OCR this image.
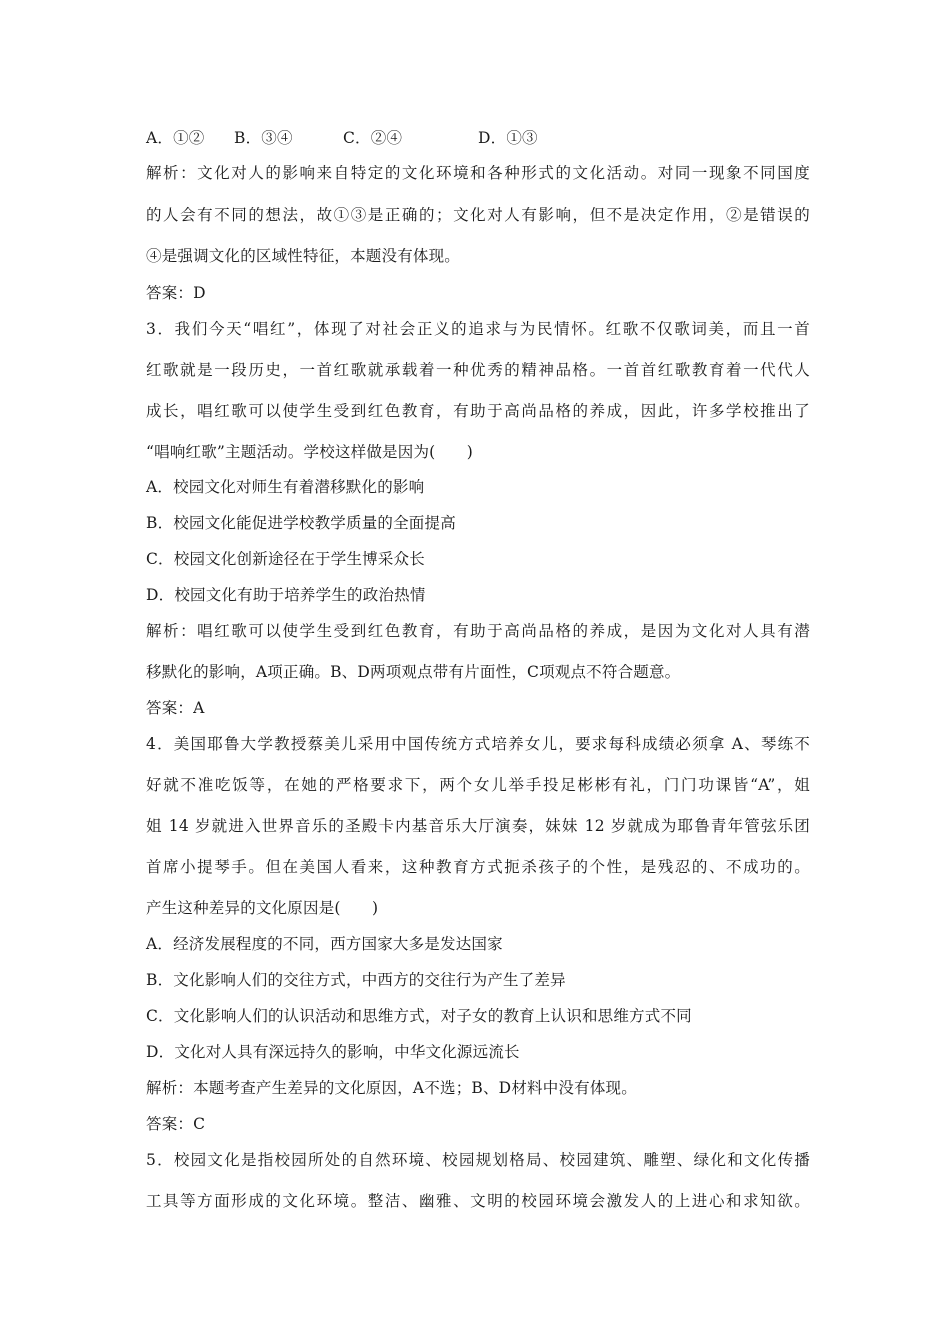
A．①② B．③④	C．②④	D．①③
解析：文化对人的影响来自特定的文化环境和各种形式的文化活动。对同一现象不同国度
的人会有不同的想法，故①③是正确的；文化对人有影响，但不是决定作用，②是错误的
④是强调文化的区域性特征，本题没有体现。
答案：D
3．我们今天“唱红”，体现了对社会正义的追求与为民情怀。红歌不仅歌词美，而且一首
红歌就是一段历史，一首红歌就承载着一种优秀的精神品格。一首首红歌教育着一代代人
成长，唱红歌可以使学生受到红色教育，有助于高尚品格的养成，因此，许多学校推出了
“唱响红歌”主题活动。学校这样做是因为(　　)
A．校园文化对师生有着潜移默化的影响
B．校园文化能促进学校教学质量的全面提高
C．校园文化创新途径在于学生博采众长
D．校园文化有助于培养学生的政治热情
解析：唱红歌可以使学生受到红色教育，有助于高尚品格的养成，是因为文化对人具有潜
移默化的影响，A项正确。B、D两项观点带有片面性，C项观点不符合题意。
答案：A
4．美国耶鲁大学教授蔡美儿采用中国传统方式培养女儿，要求每科成绩必须拿 A、琴练不
好就不准吃饭等，在她的严格要求下，两个女儿举手投足彬彬有礼，门门功课皆“A”，姐
姐 14 岁就进入世界音乐的圣殿卡内基音乐大厅演奏，妹妹 12 岁就成为耶鲁青年管弦乐团
首席小提琴手。但在美国人看来，这种教育方式扼杀孩子的个性，是残忍的、不成功的。
产生这种差异的文化原因是(　　)
A．经济发展程度的不同，西方国家大多是发达国家
B．文化影响人们的交往方式，中西方的交往行为产生了差异
C．文化影响人们的认识活动和思维方式，对子女的教育上认识和思维方式不同
D．文化对人具有深远持久的影响，中华文化源远流长
解析：本题考查产生差异的文化原因，A不选；B、D材料中没有体现。
答案：C
5．校园文化是指校园所处的自然环境、校园规划格局、校园建筑、雕塑、绿化和文化传播
工具等方面形成的文化环境。整洁、幽雅、文明的校园环境会激发人的上进心和求知欲。
